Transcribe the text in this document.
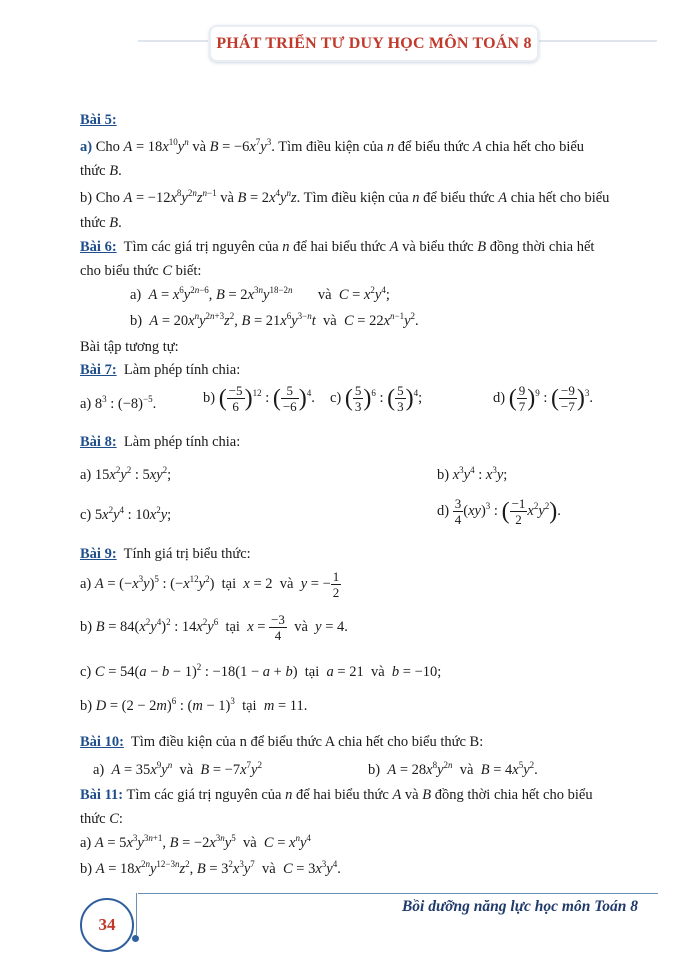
PHÁT TRIỂN TƯ DUY HỌC MÔN TOÁN 8
Bài 5:
a) Cho $A = 18x^{10}y^n$ và $B = -6x^7y^3$. Tìm điều kiện của n để biểu thức A chia hết cho biểu
thức B.
b) Cho $A = -12x^8y^{2n}z^{n-1}$ và $B = 2x^4y^nz$. Tìm điều kiện của n để biểu thức A chia hết cho biểu
thức B.
Bài 6:  Tìm các giá trị nguyên của n để hai biểu thức A và biểu thức B đồng thời chia hết
cho biểu thức C biết:
a)  $A = x^6y^{2n-6}$, $B = 2x^{3n}y^{18-2n}$       và  $C = x^2y^4$;
b)  $A = 20x^ny^{2n+3}z^2$, $B = 21x^6y^{3-n}t$  và  $C = 22x^{n-1}y^2$.
Bài tập tương tự:
Bài 7: Làm phép tính chia:
a) $8^3$ : $(-8)^{-5}$.	b) ( $\frac{-5}{6} )^{12}$ : ( $\frac{5}{-6} )^4$. c) ( $\frac{5}{3} )^6$ : ( $\frac{5}{3} )^4$;	d) ( $\frac{9}{7} )^9$ : ( $\frac{-9}{-7} )^3$.
Bài 8: Làm phép tính chia:
a) $15x^2y^2$ : $5xy^2$;	b) $x^3y^4$ : $x^3y$;
c) $5x^2y^4$ : $10x^2y$;	$d) \frac{3}{4} (xy)^3$ : ( $\frac{-1}{2} x^2y^2$).
Bài 9: Tính giá trị biểu thức:
a) $A = (-x^3y)^5$ : $(-x^{12}y^2)$  tại  x = 2  và  y = − $\frac{1}{2}$
b) $B = 84(x^2y^4)^2$ : $14x^2y^6$  tại  $x = \frac{-3}{4}$ và  y = 4.
c) $C = 54(a - b - 1)^2$ : −18(1 − a + b)  tại  a = 21  và  b = −10;
b) $D = (2 - 2m)^6$ : $(m - 1)^3$  tại  m = 11.
Bài 10: Tìm điều kiện của n để biểu thức A chia hết cho biểu thức B:
a)  $A = 35x^9y^n$  và  $B = -7x^7y^2$	b)  $A = 28x^8y^{2n}$  và  $B = 4x^5y^2$.
Bài 11: Tìm các giá trị nguyên của n để hai biểu thức A và B đồng thời chia hết cho biểu
thức C:
a) $A = 5x^3y^{3n+1}$, $B = -2x^{3n}y^5$  và  $C = x^ny^4$
b) $A = 18x^{2n}y^{12-3n}z^2$, $B = 3^2x^3y^7$  và  $C = 3x^3y^4$.
Bồi dưỡng năng lực học môn Toán 8
34
